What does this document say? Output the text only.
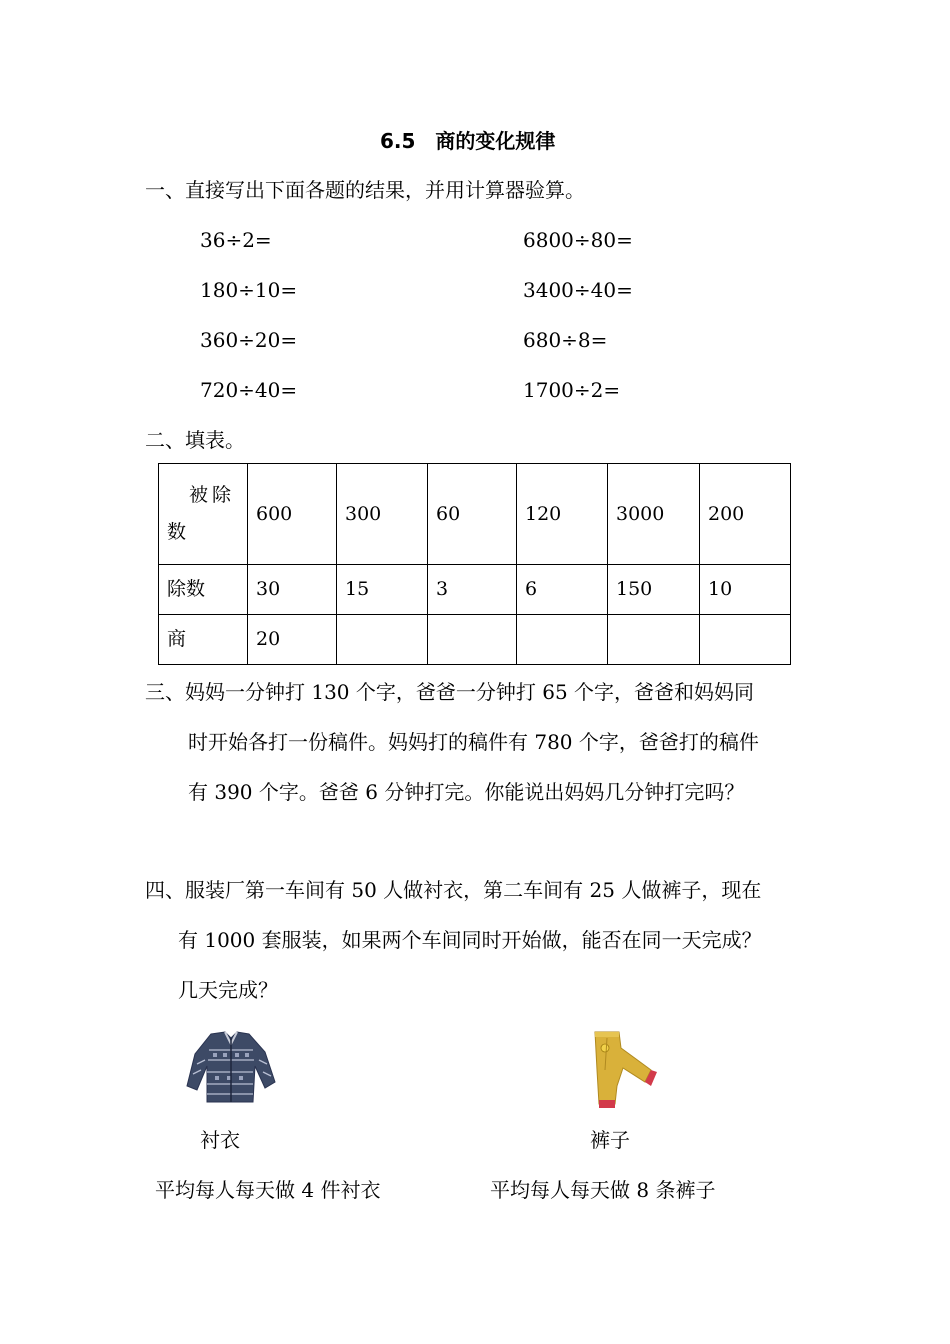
6.5　商的变化规律
一、直接写出下面各题的结果，并用计算器验算。
36÷2=
180÷10=
360÷20=
720÷40=
6800÷80=
3400÷40=
680÷8=
1700÷2=
二、填表。
被除
数	600	300	60	120	3000	200
除数	30	15	3	6	150	10
商	20					
三、妈妈一分钟打 130 个字，爸爸一分钟打 65 个字，爸爸和妈妈同
时开始各打一份稿件。妈妈打的稿件有 780 个字，爸爸打的稿件
有 390 个字。爸爸 6 分钟打完。你能说出妈妈几分钟打完吗？
四、服装厂第一车间有 50 人做衬衣，第二车间有 25 人做裤子，现在
有 1000 套服装，如果两个车间同时开始做，能否在同一天完成？
几天完成？
衬衣	裤子
平均每人每天做 4 件衬衣	平均每人每天做 8 条裤子
